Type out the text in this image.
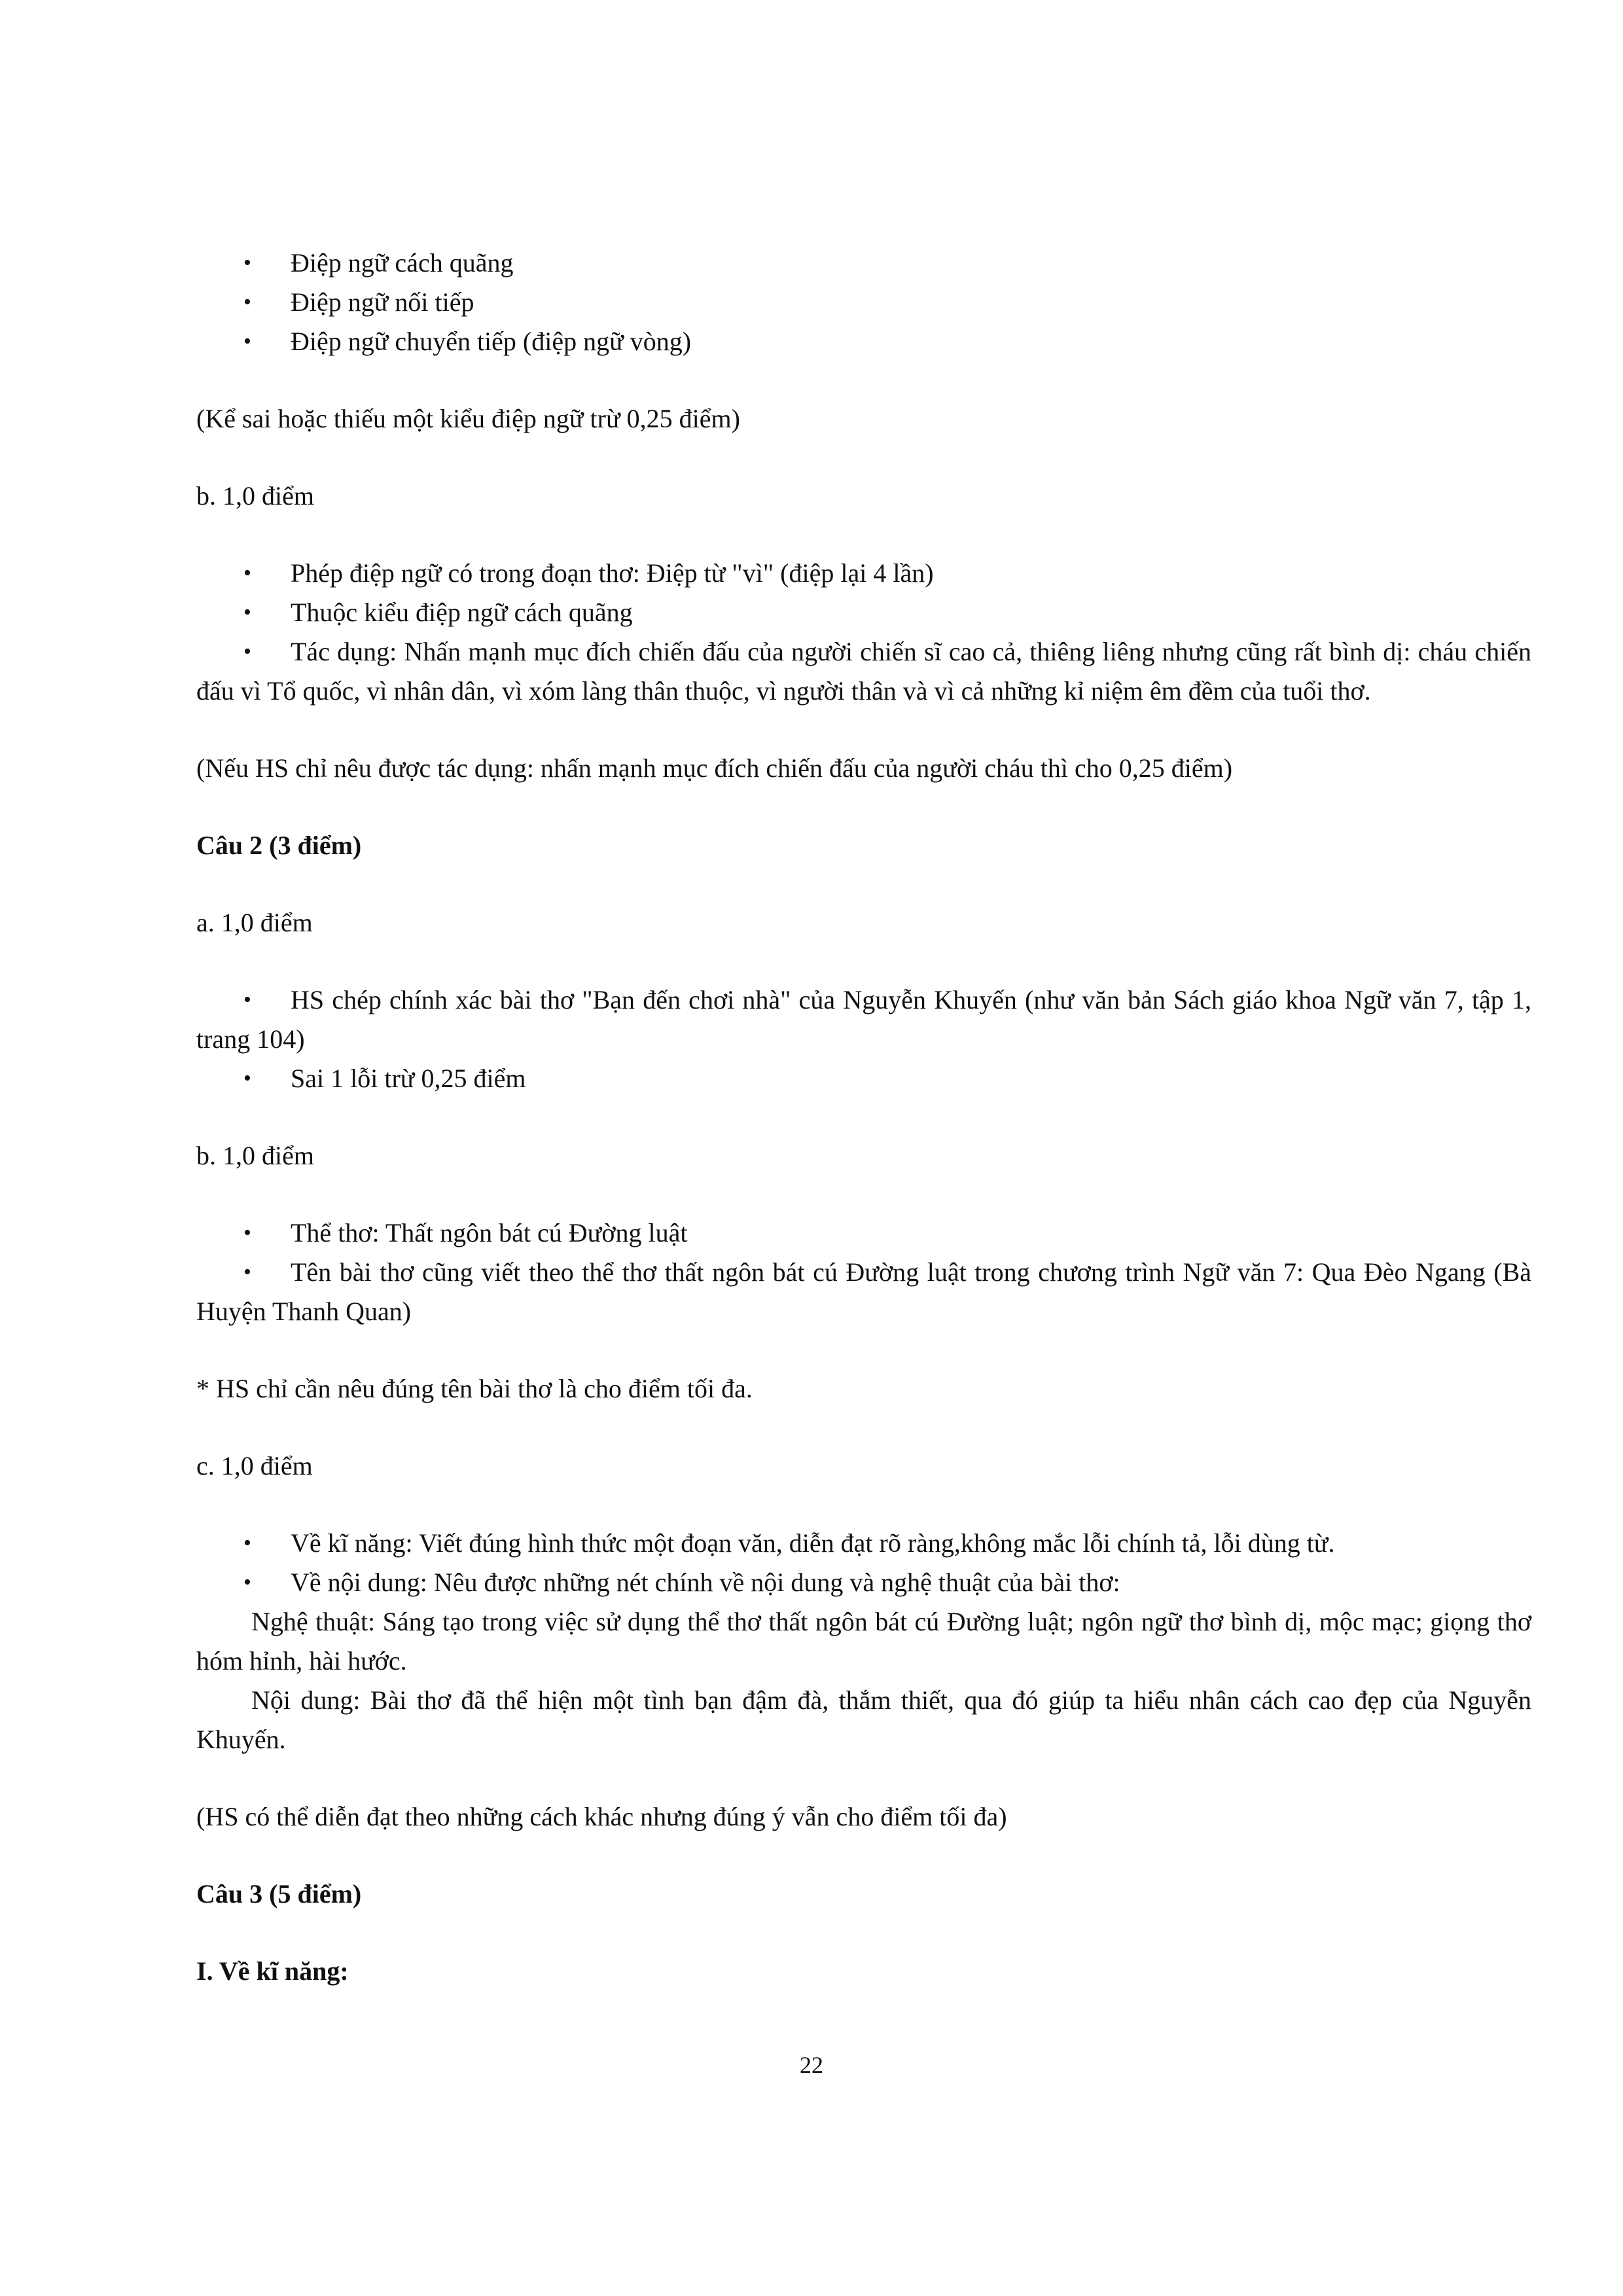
• Điệp ngữ cách quãng
• Điệp ngữ nối tiếp
• Điệp ngữ chuyển tiếp (điệp ngữ vòng)

(Kể sai hoặc thiếu một kiểu điệp ngữ trừ 0,25 điểm)

b. 1,0 điểm

• Phép điệp ngữ có trong đoạn thơ: Điệp từ "vì" (điệp lại 4 lần)
• Thuộc kiểu điệp ngữ cách quãng
• Tác dụng: Nhấn mạnh mục đích chiến đấu của người chiến sĩ cao cả, thiêng liêng nhưng cũng rất bình dị: cháu chiến đấu vì Tổ quốc, vì nhân dân, vì xóm làng thân thuộc, vì người thân và vì cả những kỉ niệm êm đềm của tuổi thơ.

(Nếu HS chỉ nêu được tác dụng: nhấn mạnh mục đích chiến đấu của người cháu thì cho 0,25 điểm)

Câu 2 (3 điểm)

a. 1,0 điểm

• HS chép chính xác bài thơ "Bạn đến chơi nhà" của Nguyễn Khuyến (như văn bản Sách giáo khoa Ngữ văn 7, tập 1, trang 104)
• Sai 1 lỗi trừ 0,25 điểm

b. 1,0 điểm

• Thể thơ: Thất ngôn bát cú Đường luật
• Tên bài thơ cũng viết theo thể thơ thất ngôn bát cú Đường luật trong chương trình Ngữ văn 7: Qua Đèo Ngang (Bà Huyện Thanh Quan)

* HS chỉ cần nêu đúng tên bài thơ là cho điểm tối đa.

c. 1,0 điểm

• Về kĩ năng: Viết đúng hình thức một đoạn văn, diễn đạt rõ ràng,không mắc lỗi chính tả, lỗi dùng từ.
• Về nội dung: Nêu được những nét chính về nội dung và nghệ thuật của bài thơ:

Nghệ thuật: Sáng tạo trong việc sử dụng thể thơ thất ngôn bát cú Đường luật; ngôn ngữ thơ bình dị, mộc mạc; giọng thơ hóm hỉnh, hài hước.

Nội dung: Bài thơ đã thể hiện một tình bạn đậm đà, thắm thiết, qua đó giúp ta hiểu nhân cách cao đẹp của Nguyễn Khuyến.

(HS có thể diễn đạt theo những cách khác nhưng đúng ý vẫn cho điểm tối đa)

Câu 3 (5 điểm)

I. Về kĩ năng:

22
